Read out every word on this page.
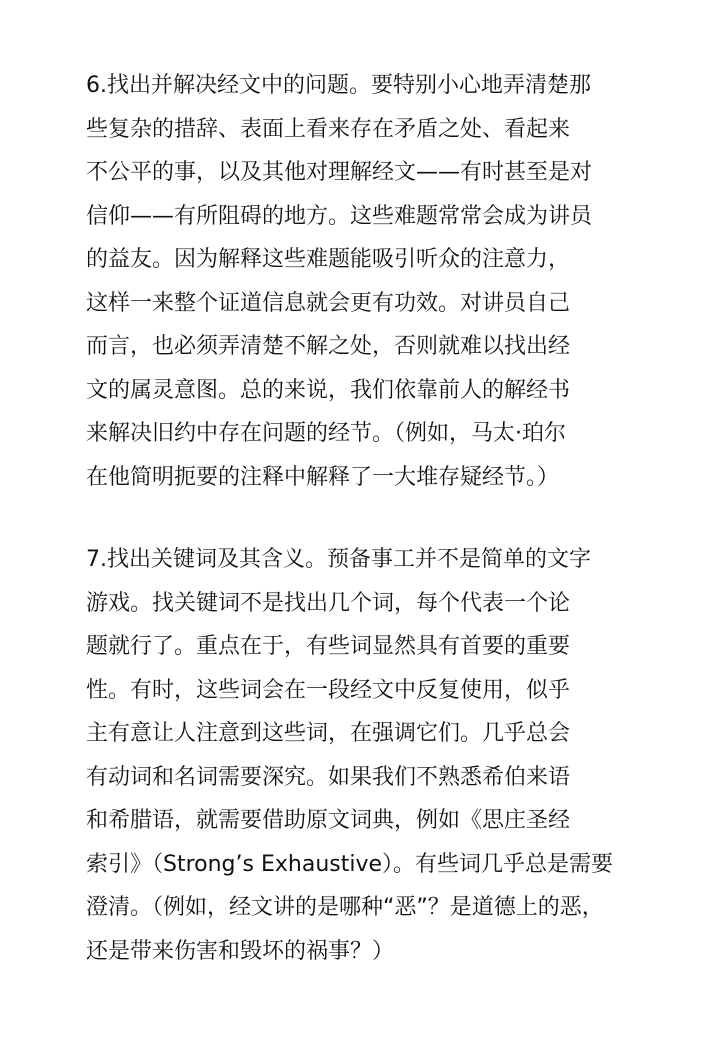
6.找出并解决经文中的问题。要特别小心地弄清楚那
些复杂的措辞、表面上看来存在矛盾之处、看起来
不公平的事，以及其他对理解经文——有时甚至是对
信仰——有所阻碍的地方。这些难题常常会成为讲员
的益友。因为解释这些难题能吸引听众的注意力，
这样一来整个证道信息就会更有功效。对讲员自己
而言，也必须弄清楚不解之处，否则就难以找出经
文的属灵意图。总的来说，我们依靠前人的解经书
来解决旧约中存在问题的经节。（例如，马太·珀尔
在他简明扼要的注释中解释了一大堆存疑经节。）
7.找出关键词及其含义。预备事工并不是简单的文字
游戏。找关键词不是找出几个词，每个代表一个论
题就行了。重点在于，有些词显然具有首要的重要
性。有时，这些词会在一段经文中反复使用，似乎
主有意让人注意到这些词，在强调它们。几乎总会
有动词和名词需要深究。如果我们不熟悉希伯来语
和希腊语，就需要借助原文词典，例如《思庄圣经
索引》（Strong’s Exhaustive）。有些词几乎总是需要
澄清。（例如，经文讲的是哪种“恶”？是道德上的恶，
还是带来伤害和毁坏的祸事？）
